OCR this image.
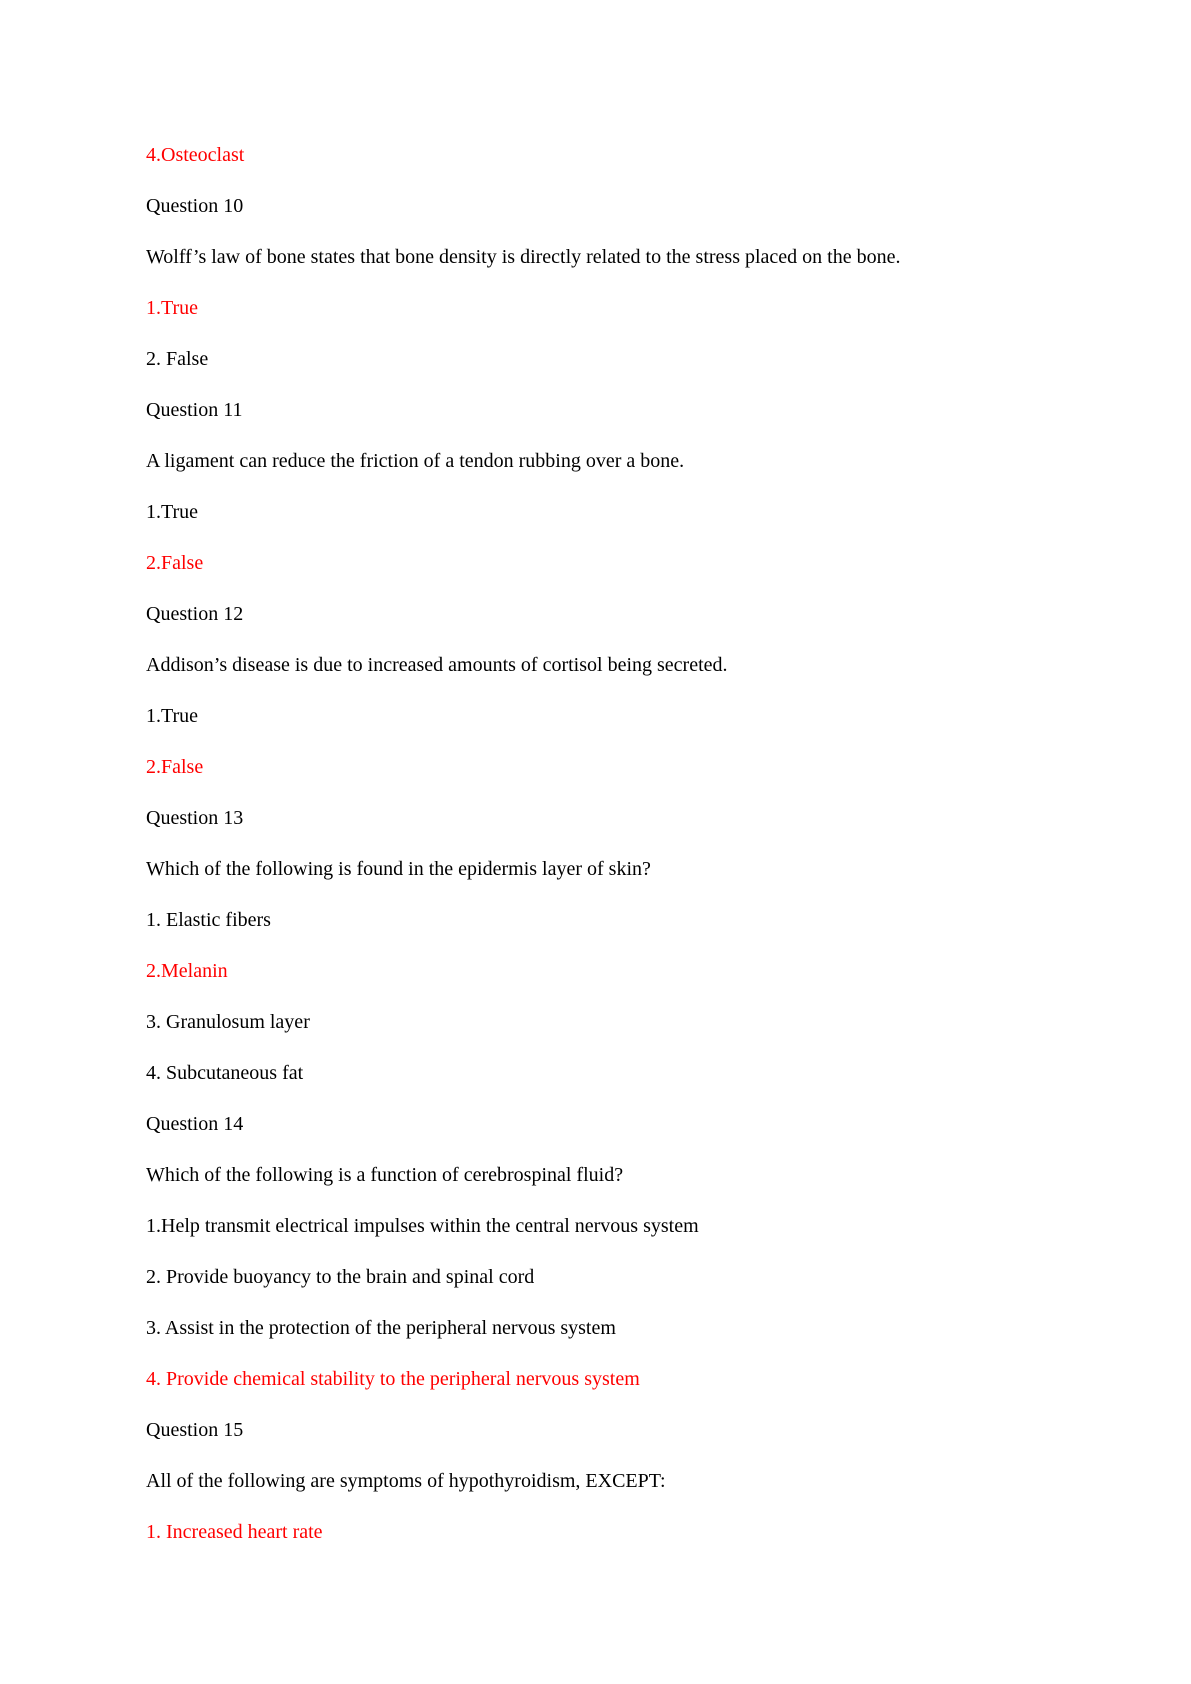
4.Osteoclast
Question 10
Wolff’s law of bone states that bone density is directly related to the stress placed on the bone.
1.True
2. False
Question 11
A ligament can reduce the friction of a tendon rubbing over a bone.
1.True
2.False
Question 12
Addison’s disease is due to increased amounts of cortisol being secreted.
1.True
2.False
Question 13
Which of the following is found in the epidermis layer of skin?
1. Elastic fibers
2.Melanin
3. Granulosum layer
4. Subcutaneous fat
Question 14
Which of the following is a function of cerebrospinal fluid?
1.Help transmit electrical impulses within the central nervous system
2. Provide buoyancy to the brain and spinal cord
3. Assist in the protection of the peripheral nervous system
4. Provide chemical stability to the peripheral nervous system
Question 15
All of the following are symptoms of hypothyroidism, EXCEPT:
1. Increased heart rate
